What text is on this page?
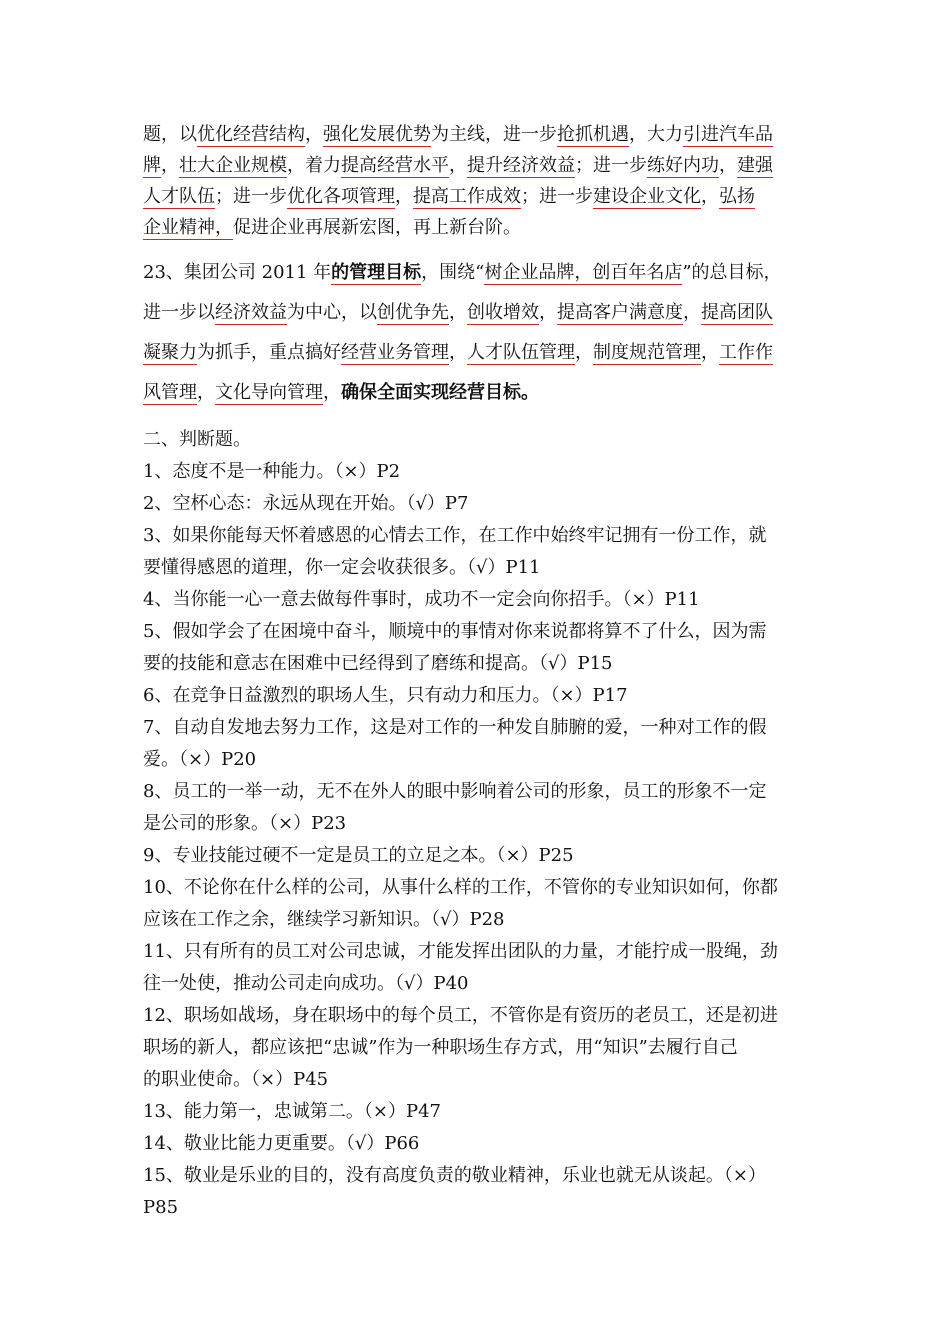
题，以优化经营结构，强化发展优势为主线，进一步抢抓机遇，大力引进汽车品
牌，壮大企业规模，着力提高经营水平，提升经济效益；进一步练好内功，建强
人才队伍；进一步优化各项管理，提高工作成效；进一步建设企业文化，弘扬
企业精神，促进企业再展新宏图，再上新台阶。
23、集团公司 2011 年的管理目标，围绕“树企业品牌，创百年名店”的总目标，
进一步以经济效益为中心，以创优争先，创收增效，提高客户满意度，提高团队
凝聚力为抓手，重点搞好经营业务管理，人才队伍管理，制度规范管理，工作作
风管理，文化导向管理，确保全面实现经营目标。
二、判断题。
1、态度不是一种能力。（×）P2
2、空杯心态：永远从现在开始。（√）P7
3、如果你能每天怀着感恩的心情去工作，在工作中始终牢记拥有一份工作，就
要懂得感恩的道理，你一定会收获很多。（√）P11
4、当你能一心一意去做每件事时，成功不一定会向你招手。（×）P11
5、假如学会了在困境中奋斗，顺境中的事情对你来说都将算不了什么，因为需
要的技能和意志在困难中已经得到了磨练和提高。（√）P15
6、在竞争日益激烈的职场人生，只有动力和压力。（×）P17
7、自动自发地去努力工作，这是对工作的一种发自肺腑的爱，一种对工作的假
爱。（×）P20
8、员工的一举一动，无不在外人的眼中影响着公司的形象，员工的形象不一定
是公司的形象。（×）P23
9、专业技能过硬不一定是员工的立足之本。（×）P25
10、不论你在什么样的公司，从事什么样的工作，不管你的专业知识如何，你都
应该在工作之余，继续学习新知识。（√）P28
11、只有所有的员工对公司忠诚，才能发挥出团队的力量，才能拧成一股绳，劲
往一处使，推动公司走向成功。（√）P40
12、职场如战场，身在职场中的每个员工，不管你是有资历的老员工，还是初进
职场的新人，都应该把“忠诚”作为一种职场生存方式，用“知识”去履行自己
的职业使命。（×）P45
13、能力第一，忠诚第二。（×）P47
14、敬业比能力更重要。（√）P66
15、敬业是乐业的目的，没有高度负责的敬业精神，乐业也就无从谈起。（×）
P85
